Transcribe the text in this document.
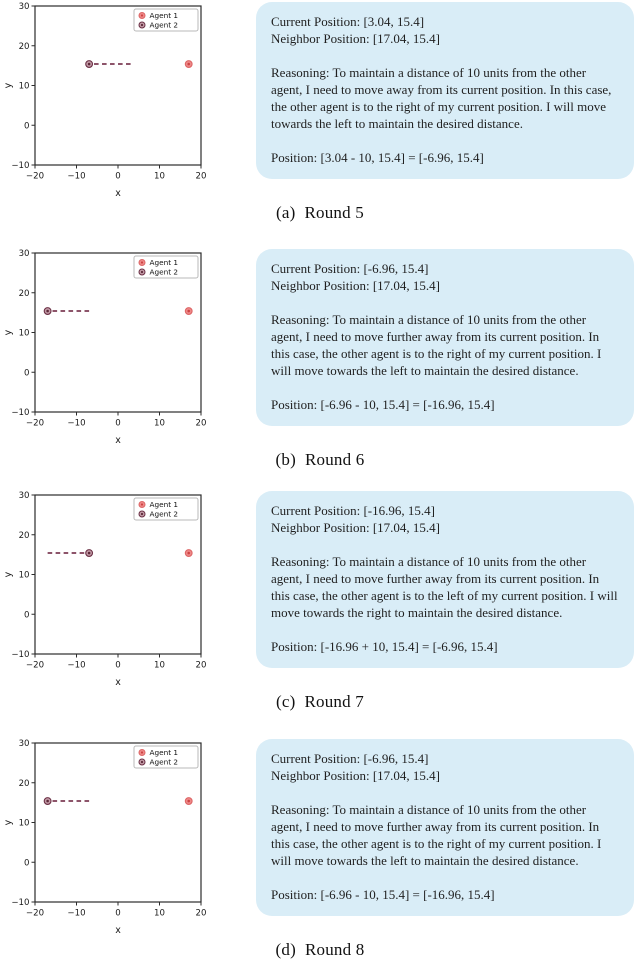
−20	−10	0	10	20
−10
0
10
20
30
x
y
Agent 1
Agent 2	Current Position: [3.04, 15.4]
Neighbor Position: [17.04, 15.4]
Reasoning: To maintain a distance of 10 units from the other agent, I need to move away from its current position. In this case, the other agent is to the right of my current position. I will move towards the left to maintain the desired distance.
Position: [3.04 - 10, 15.4] = [-6.96, 15.4]
(a) Round 5
−20	−10	0	10	20
−10
0
10
20
30
x
y
Agent 1
Agent 2	Current Position: [-6.96, 15.4]
Neighbor Position: [17.04, 15.4]
Reasoning: To maintain a distance of 10 units from the other agent, I need to move further away from its current position. In this case, the other agent is to the right of my current position. I will move towards the left to maintain the desired distance.
Position: [-6.96 - 10, 15.4] = [-16.96, 15.4]
(b) Round 6
−20	−10	0	10	20
−10
0
10
20
30
x
y
Agent 1
Agent 2	Current Position: [-16.96, 15.4]
Neighbor Position: [17.04, 15.4]
Reasoning: To maintain a distance of 10 units from the other agent, I need to move further away from its current position. In this case, the other agent is to the left of my current position. I will move towards the right to maintain the desired distance.
Position: [-16.96 + 10, 15.4] = [-6.96, 15.4]
(c) Round 7
−20	−10	0	10	20
−10
0
10
20
30
x
y
Agent 1
Agent 2	Current Position: [-6.96, 15.4]
Neighbor Position: [17.04, 15.4]
Reasoning: To maintain a distance of 10 units from the other agent, I need to move further away from its current position. In this case, the other agent is to the right of my current position. I will move towards the left to maintain the desired distance.
Position: [-6.96 - 10, 15.4] = [-16.96, 15.4]
(d) Round 8
